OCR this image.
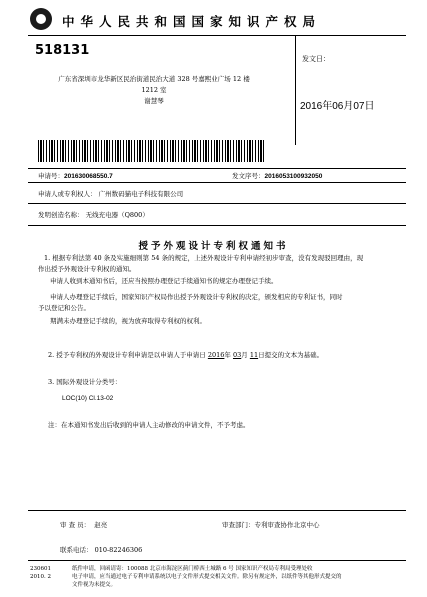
中华人民共和国国家知识产权局
518131
广东省深圳市龙华新区民治街道民治大道 328 号嘉熙业广场 12 楼
1212 室
谢慧琴
发文日：
2016年06月07日
申请号：201630068550.7	发文序号：2016053100932050
申请人或专利权人： 广州数码猫电子科技有限公司
发明创造名称： 无线充电器（Q800）
授予外观设计专利权通知书
1. 根据专利法第 40 条及实施细则第 54 条的规定，上述外观设计专利申请经初步审查，没有发现驳回理由，现
作出授予外观设计专利权的通知。
申请人收到本通知书后，还应当按照办理登记手续通知书的规定办理登记手续。
申请人办理登记手续后，国家知识产权局作出授予外观设计专利权的决定，颁发相应的专利证书，同时
予以登记和公告。
期满未办理登记手续的，视为放弃取得专利权的权利。
2. 授予专利权的外观设计专利申请是以申请人于申请日 2016年 03月 11日提交的文本为基础。
3. 国际外观设计分类号：
LOC(10) Cl.13-02
注：在本通知书发出后收到的申请人主动修改的申请文件，不予考虑。
审 查 员： 赵亮	审查部门：专利审查协作北京中心
联系电话： 010-82246306
230601
2010. 2
纸件申请，回函请寄：100088 北京市海淀区蓟门桥西土城路 6 号 国家知识产权局专利局受理处收
电子申请，应当通过电子专利申请系统以电子文件形式提交相关文件。除另有规定外，以纸件等其他形式提交的
文件视为未提交。
